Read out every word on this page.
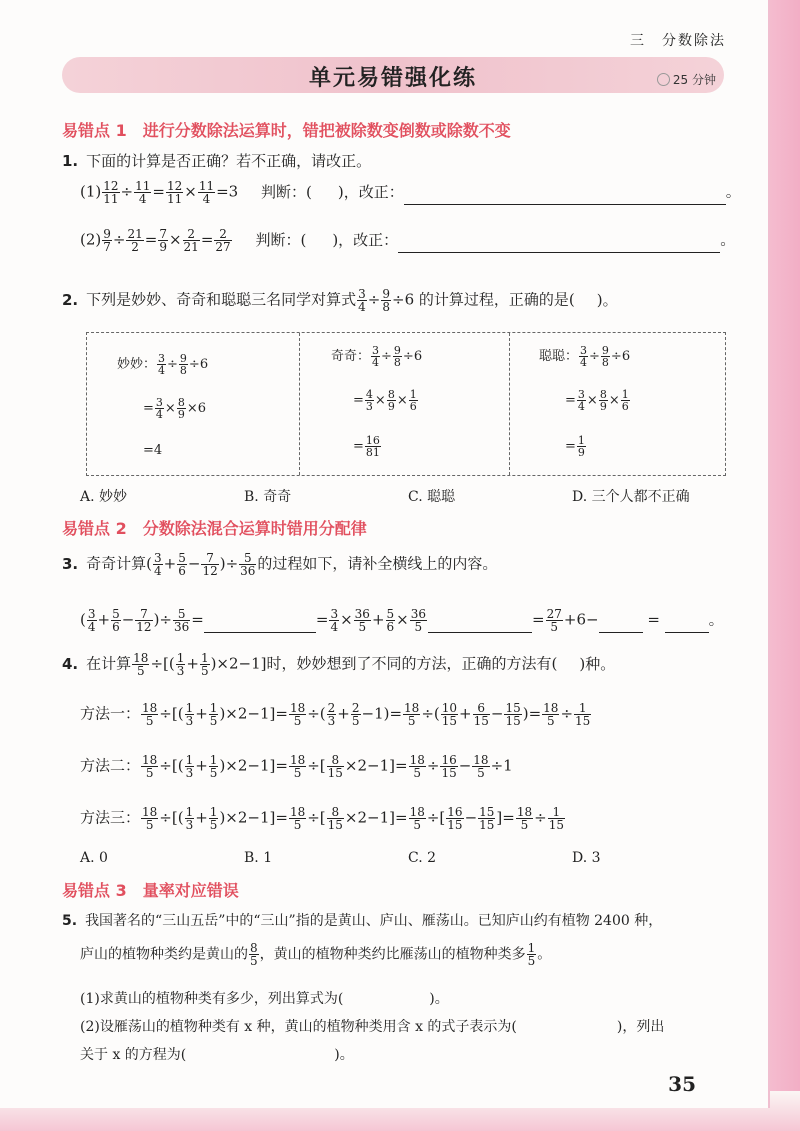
三　分数除法
单元易错强化练	25 分钟
易错点 1 进行分数除法运算时，错把被除数变倒数或除数不变
1. 下面的计算是否正确？若不正确，请改正。
$(1) \frac{12}{11} \div \frac{11}{4} = \frac{12}{11} \times \frac{11}{4} =3$ 判断：( )，改正：	。
$(2) \frac{9}{7} \div \frac{21}{2} = \frac{7}{9} \times \frac{2}{21} = \frac{2}{27}$ 判断：( )，改正：	。
2. 下列是妙妙、奇奇和聪聪三名同学对算式 $\frac{3}{4} \div \frac{9}{8} \div 6$ 的计算过程，正确的是( )。
妙妙： $\frac{3}{4} \div \frac{9}{8} \div 6$
= $\frac{3}{4} \times \frac{8}{9} \times 6$
=4
奇奇： $\frac{3}{4} \div \frac{9}{8} \div 6$
= $\frac{4}{3} \times \frac{8}{9} \times \frac{1}{6}$
= $\frac{16}{81}$
聪聪： $\frac{3}{4} \div \frac{9}{8} \div 6$
= $\frac{3}{4} \times \frac{8}{9} \times \frac{1}{6}$
= $\frac{1}{9}$
A. 妙妙	B. 奇奇	C. 聪聪	D. 三个人都不正确
易错点 2 分数除法混合运算时错用分配律
3. 奇奇计算( $\frac{3}{4} + \frac{5}{6} - \frac{7}{12}$ )÷ $\frac{5}{36}$ 的过程如下，请补全横线上的内容。
( $\frac{3}{4} + \frac{5}{6} - \frac{7}{12}$ )÷ $\frac{5}{36}$ =	= $\frac{3}{4} \times \frac{36}{5} + \frac{5}{6} \times \frac{36}{5}$	= $\frac{27}{5} +6-$	=	。
4. 在计算 $\frac{18}{5}$ ÷[( $\frac{1}{3} + \frac{1}{5} )\times 2-1$]时，妙妙想到了不同的方法，正确的方法有( )种。
方法一： $\frac{18}{5}$ ÷[( $\frac{1}{3} + \frac{1}{5} )\times 2-1]= \frac{18}{5}$ ÷( $\frac{2}{3} + \frac{2}{5} -1)= \frac{18}{5}$ ÷( $\frac{10}{15} + \frac{6}{15} - \frac{15}{15}$ )= $\frac{18}{5} \div \frac{1}{15}$
方法二： $\frac{18}{5}$ ÷[( $\frac{1}{3} + \frac{1}{5} )\times 2-1]= \frac{18}{5}$ ÷[ $\frac{8}{15} \times 2-1]= \frac{18}{5} \div \frac{16}{15} - \frac{18}{5} \div 1$
方法三： $\frac{18}{5}$ ÷[( $\frac{1}{3} + \frac{1}{5} )\times 2-1]= \frac{18}{5}$ ÷[ $\frac{8}{15} \times 2-1]= \frac{18}{5}$ ÷[ $\frac{16}{15} - \frac{15}{15}$ ]= $\frac{18}{5} \div \frac{1}{15}$
A. 0	B. 1	C. 2	D. 3
易错点 3 量率对应错误
5. 我国著名的“三山五岳”中的“三山”指的是黄山、庐山、雁荡山。已知庐山约有植物 2400 种，
庐山的植物种类约是黄山的 $\frac{8}{5}$ ，黄山的植物种类约比雁荡山的植物种类多 $\frac{1}{5}$ 。
(1)求黄山的植物种类有多少，列出算式为(	)。
(2)设雁荡山的植物种类有 x 种，黄山的植物种类用含 x 的式子表示为(	)，列出
关于 x 的方程为(	)。
35
